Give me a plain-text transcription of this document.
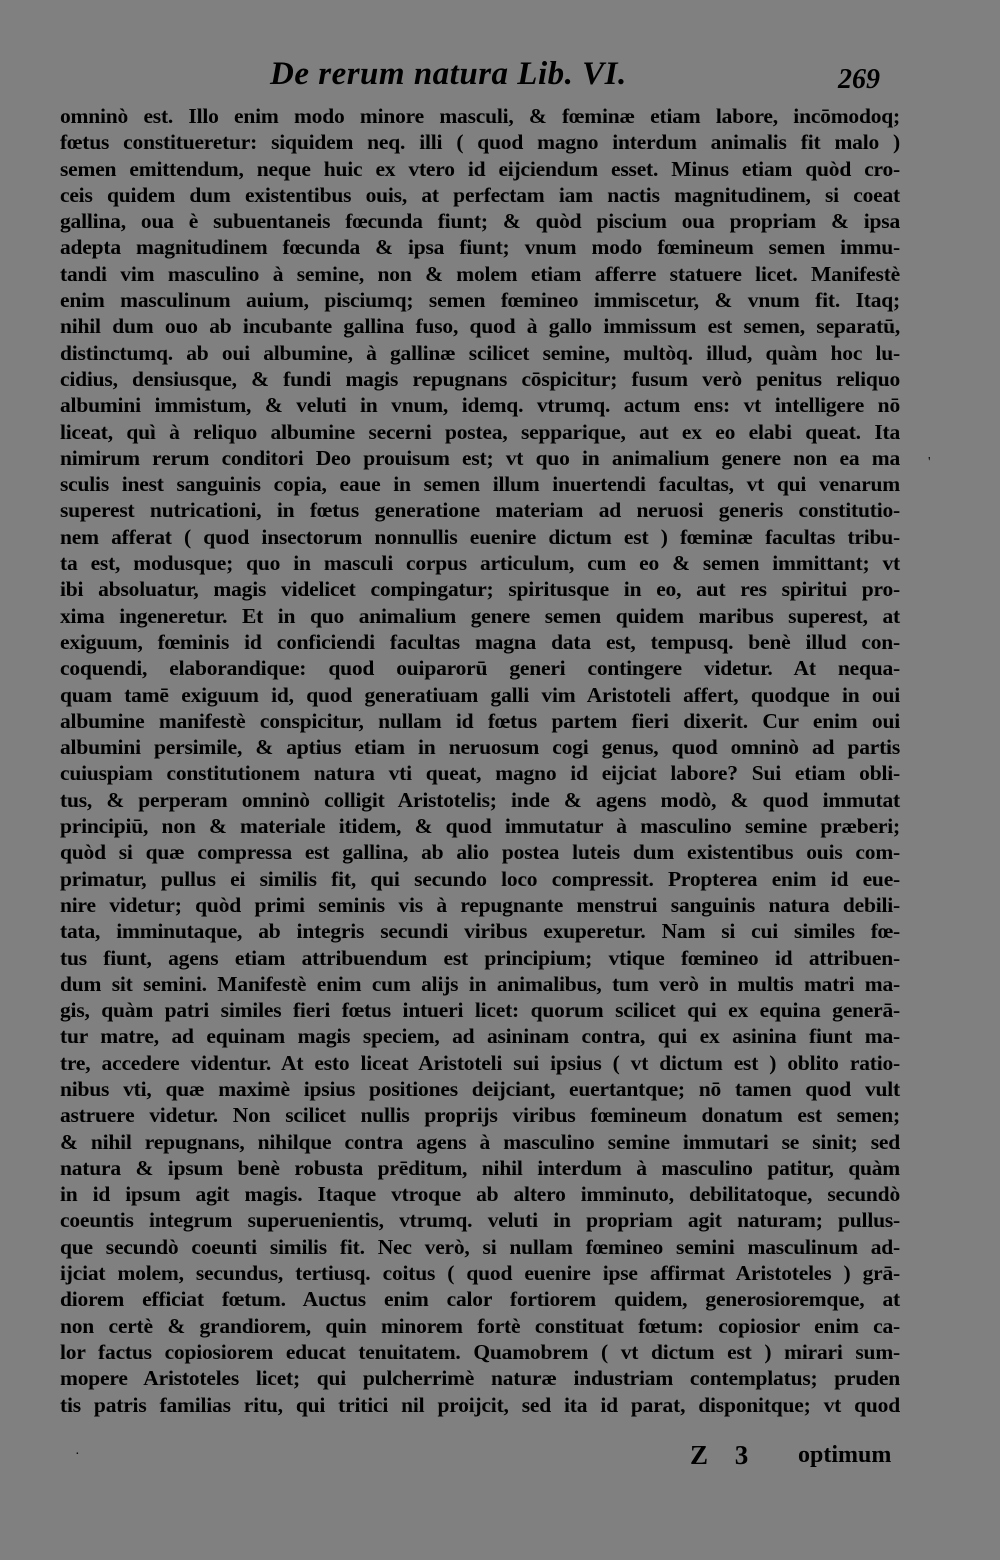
De rerum natura Lib. VI.	269
omninò est. Illo enim modo minore masculi, & fœminæ etiam labore, incōmodoq;
fœtus constitueretur: siquidem neq. illi ( quod magno interdum animalis fit malo )
semen emittendum, neque huic ex vtero id eijciendum esset. Minus etiam quòd cro-
ceis quidem dum existentibus ouis, at perfectam iam nactis magnitudinem, si coeat
gallina, oua è subuentaneis fœcunda fiunt; & quòd piscium oua propriam & ipsa
adepta magnitudinem fœcunda & ipsa fiunt; vnum modo fœmineum semen immu-
tandi vim masculino à semine, non & molem etiam afferre statuere licet. Manifestè
enim masculinum auium, pisciumq; semen fœmineo immiscetur, & vnum fit. Itaq;
nihil dum ouo ab incubante gallina fuso, quod à gallo immissum est semen, separatū,
distinctumq. ab oui albumine, à gallinæ scilicet semine, multòq. illud, quàm hoc lu-
cidius, densiusque, & fundi magis repugnans cōspicitur; fusum verò penitus reliquo
albumini immistum, & veluti in vnum, idemq. vtrumq. actum ens: vt intelligere nō
liceat, quì à reliquo albumine secerni postea, sepparique, aut ex eo elabi queat. Ita
nimirum rerum conditori Deo prouisum est; vt quo in animalium genere non ea ma
sculis inest sanguinis copia, eaue in semen illum inuertendi facultas, vt qui venarum
superest nutricationi, in fœtus generatione materiam ad neruosi generis constitutio-
nem afferat ( quod insectorum nonnullis euenire dictum est ) fœminæ facultas tribu-
ta est, modusque; quo in masculi corpus articulum, cum eo & semen immittant; vt
ibi absoluatur, magis videlicet compingatur; spiritusque in eo, aut res spiritui pro-
xima ingeneretur. Et in quo animalium genere semen quidem maribus superest, at
exiguum, fœminis id conficiendi facultas magna data est, tempusq. benè illud con-
coquendi, elaborandique: quod ouiparorū generi contingere videtur. At nequa-
quam tamē exiguum id, quod generatiuam galli vim Aristoteli affert, quodque in oui
albumine manifestè conspicitur, nullam id fœtus partem fieri dixerit. Cur enim oui
albumini persimile, & aptius etiam in neruosum cogi genus, quod omninò ad partis
cuiuspiam constitutionem natura vti queat, magno id eijciat labore? Sui etiam obli-
tus, & perperam omninò colligit Aristotelis; inde & agens modò, & quod immutat
principiū, non & materiale itidem, & quod immutatur à masculino semine præberi;
quòd si quæ compressa est gallina, ab alio postea luteis dum existentibus ouis com-
primatur, pullus ei similis fit, qui secundo loco compressit. Propterea enim id eue-
nire videtur; quòd primi seminis vis à repugnante menstrui sanguinis natura debili-
tata, imminutaque, ab integris secundi viribus exuperetur. Nam si cui similes fœ-
tus fiunt, agens etiam attribuendum est principium; vtique fœmineo id attribuen-
dum sit semini. Manifestè enim cum alijs in animalibus, tum verò in multis matri ma-
gis, quàm patri similes fieri fœtus intueri licet: quorum scilicet qui ex equina generā-
tur matre, ad equinam magis speciem, ad asininam contra, qui ex asinina fiunt ma-
tre, accedere videntur. At esto liceat Aristoteli sui ipsius ( vt dictum est ) oblito ratio-
nibus vti, quæ maximè ipsius positiones deijciant, euertantque; nō tamen quod vult
astruere videtur. Non scilicet nullis proprijs viribus fœmineum donatum est semen;
& nihil repugnans, nihilque contra agens à masculino semine immutari se sinit; sed
natura & ipsum benè robusta prēditum, nihil interdum à masculino patitur, quàm
in id ipsum agit magis. Itaque vtroque ab altero imminuto, debilitatoque, secundò
coeuntis integrum superuenientis, vtrumq. veluti in propriam agit naturam; pullus-
que secundò coeunti similis fit. Nec verò, si nullam fœmineo semini masculinum ad-
ijciat molem, secundus, tertiusq. coitus ( quod euenire ipse affirmat Aristoteles ) grā-
diorem efficiat fœtum. Auctus enim calor fortiorem quidem, generosioremque, at
non certè & grandiorem, quin minorem fortè constituat fœtum: copiosior enim ca-
lor factus copiosiorem educat tenuitatem. Quamobrem ( vt dictum est ) mirari sum-
mopere Aristoteles licet; qui pulcherrimè naturæ industriam contemplatus; pruden
tis patris familias ritu, qui tritici nil proijcit, sed ita id parat, disponitque; vt quod
Z 3 optimum
'
·
